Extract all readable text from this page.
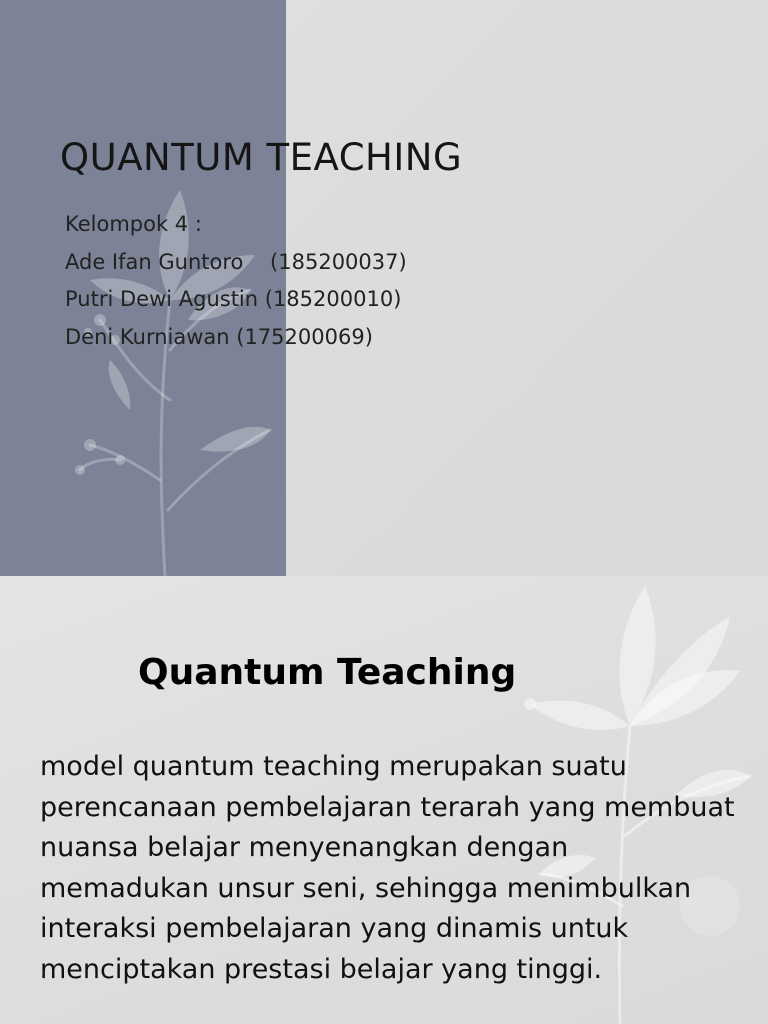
QUANTUM TEACHING
Kelompok 4 :
Ade Ifan Guntoro    (185200037)
Putri Dewi Agustin (185200010)
Deni Kurniawan (175200069)
Quantum Teaching

model quantum teaching merupakan suatu perencanaan pembelajaran terarah yang membuat nuansa belajar menyenangkan dengan memadukan unsur seni, sehingga menimbulkan interaksi pembelajaran yang dinamis untuk menciptakan prestasi belajar yang tinggi.
